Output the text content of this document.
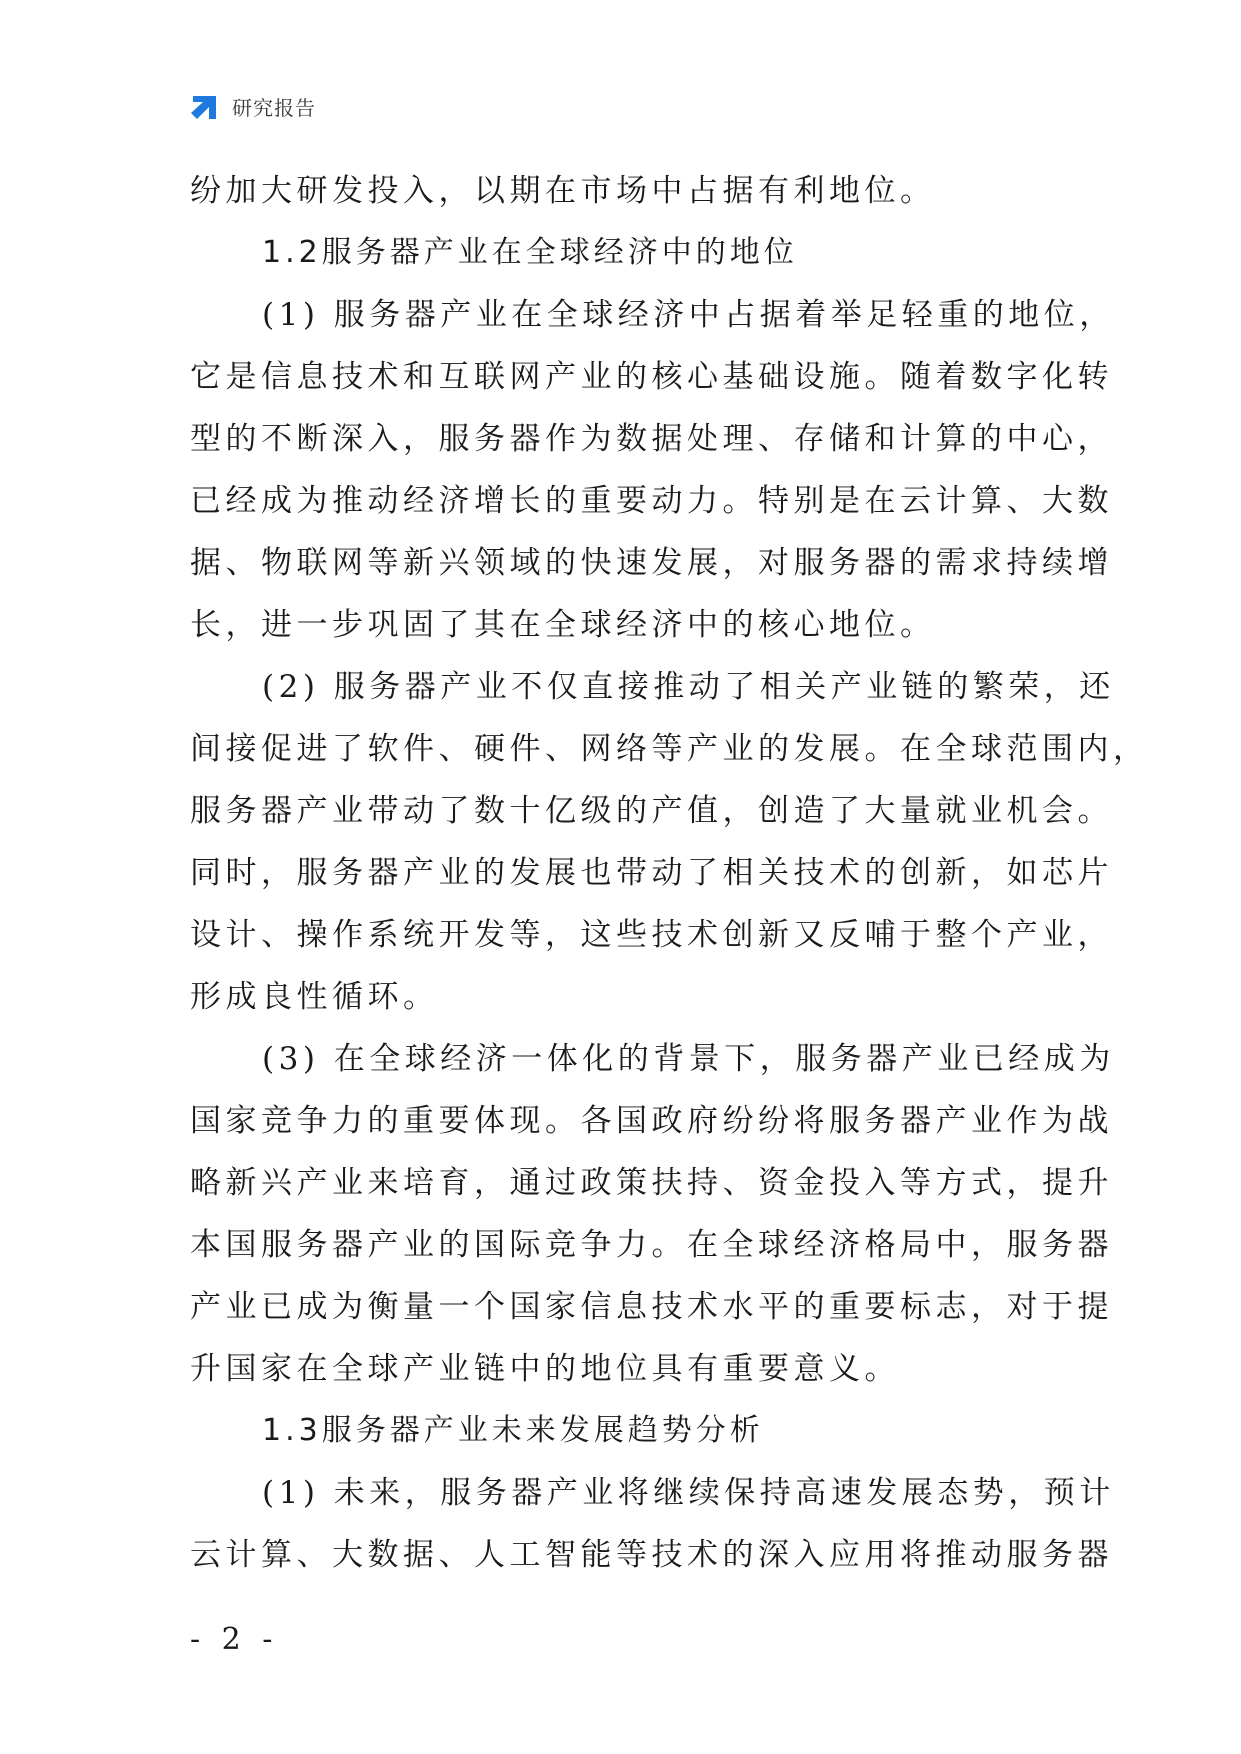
研究报告
纷加大研发投入，以期在市场中占据有利地位。
1.2服务器产业在全球经济中的地位
(1) 服务器产业在全球经济中占据着举足轻重的地位，
它是信息技术和互联网产业的核心基础设施。随着数字化转
型的不断深入，服务器作为数据处理、存储和计算的中心，
已经成为推动经济增长的重要动力。特别是在云计算、大数
据、物联网等新兴领域的快速发展，对服务器的需求持续增
长，进一步巩固了其在全球经济中的核心地位。
(2) 服务器产业不仅直接推动了相关产业链的繁荣，还
间接促进了软件、硬件、网络等产业的发展。在全球范围内，
服务器产业带动了数十亿级的产值，创造了大量就业机会。
同时，服务器产业的发展也带动了相关技术的创新，如芯片
设计、操作系统开发等，这些技术创新又反哺于整个产业，
形成良性循环。
(3) 在全球经济一体化的背景下，服务器产业已经成为
国家竞争力的重要体现。各国政府纷纷将服务器产业作为战
略新兴产业来培育，通过政策扶持、资金投入等方式，提升
本国服务器产业的国际竞争力。在全球经济格局中，服务器
产业已成为衡量一个国家信息技术水平的重要标志，对于提
升国家在全球产业链中的地位具有重要意义。
1.3服务器产业未来发展趋势分析
(1) 未来，服务器产业将继续保持高速发展态势，预计
云计算、大数据、人工智能等技术的深入应用将推动服务器
- 2 -
